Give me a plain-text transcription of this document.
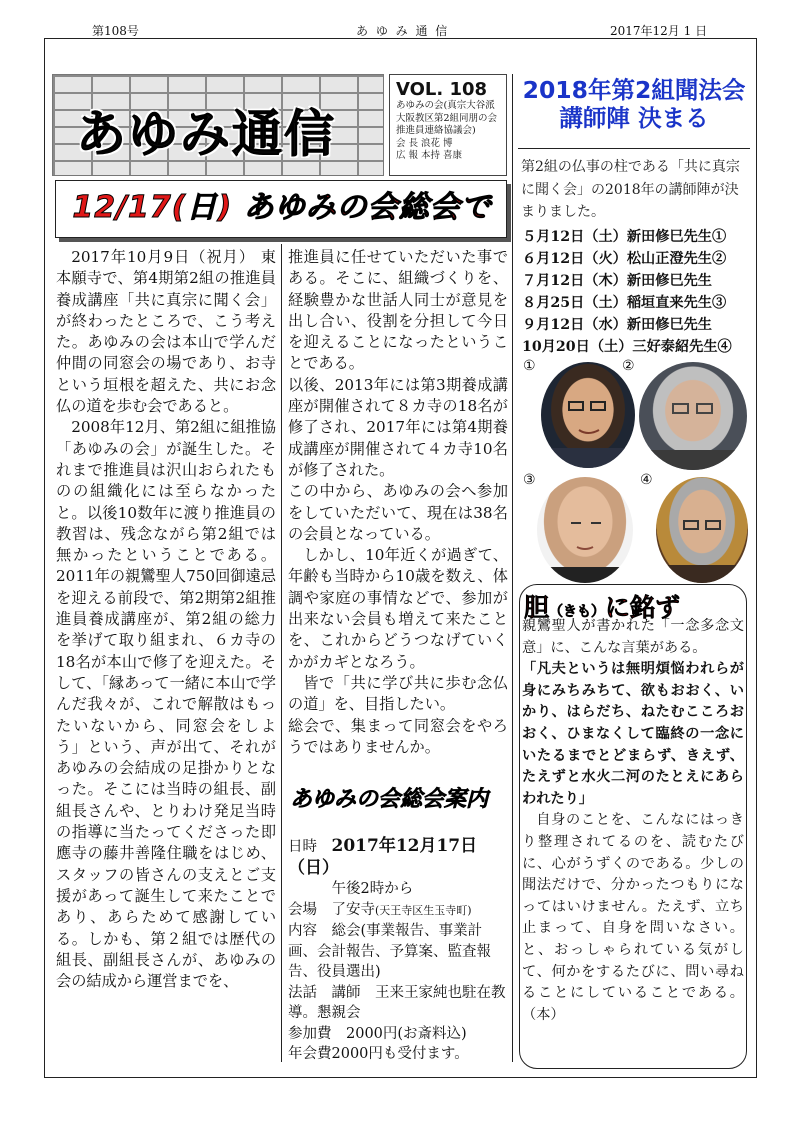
第108号	あ ゆ み 通 信	2017年12月 1 日
あゆみ通信
VOL. 108
あゆみの会(真宗大谷派大阪教区第2組同朋の会推進員連絡協議会)
会 長 浪花 博
広 報 本持 喜康
12/17(日) あゆみの会総会で

2017年10月9日（祝月） 東本願寺で、第4期第2組の推進員養成講座「共に真宗に聞く会」が終わったところで、こう考えた。あゆみの会は本山で学んだ仲間の同窓会の場であり、お寺という垣根を超えた、共にお念仏の道を歩む会であると。

2008年12月、第2組に組推協「あゆみの会」が誕生した。それまで推進員は沢山おられたものの組織化には至らなかったと。以後10数年に渡り推進員の教習は、残念ながら第2組では無かったということである。2011年の親鸞聖人750回御遠忌を迎える前段で、第2期第2組推進員養成講座が、第2組の総力を挙げて取り組まれ、６カ寺の18名が本山で修了を迎えた。そして、「縁あって一緒に本山で学んだ我々が、これで解散はもったいないから、同窓会をしよう」という、声が出て、それがあゆみの会結成の足掛かりとなった。そこには当時の組長、副組長さんや、とりわけ発足当時の指導に当たってくださった即應寺の藤井善隆住職をはじめ、スタッフの皆さんの支えとご支援があって誕生して来たことであり、あらためて感謝している。しかも、第２組では歴代の組長、副組長さんが、あゆみの会の結成から運営までを、

推進員に任せていただいた事である。そこに、組織づくりを、経験豊かな世話人同士が意見を出し合い、役割を分担して今日を迎えることになったということである。

以後、2013年には第3期養成講座が開催されて８カ寺の18名が修了され、2017年には第4期養成講座が開催されて４カ寺10名が修了された。

この中から、あゆみの会へ参加をしていただいて、現在は38名の会員となっている。

しかし、10年近くが過ぎて、年齢も当時から10歳を数え、体調や家庭の事情などで、参加が出来ない会員も増えて来たことを、これからどうつなげていくかがカギとなろう。

皆で「共に学び共に歩む念仏の道」を、目指したい。

総会で、集まって同窓会をやろうではありませんか。

あゆみの会総会案内
日時　 2017年12月17日（日）
午後2時から
会場　 了安寺(天王寺区生玉寺町)
内容　 総会(事業報告、事業計画、会計報告、予算案、監査報告、役員選出)
法話　講師　王来王家純也駐在教導。懇親会
参加費　2000円(お斎料込)
年会費2000円も受付ます。
2018年第2組聞法会講師陣 決まる
第2組の仏事の柱である「共に真宗に聞く会」の2018年の講師陣が決まりました。
５月12日（土）新田修巳先生①
６月12日（火）松山正澄先生②
７月12日（木）新田修巳先生
８月25日（土）稲垣直来先生③
９月12日（水）新田修巳先生
10月20日（土）三好泰紹先生④
①	②
③	④
胆（きも）に銘ず

親鸞聖人が書かれた「一念多念文意」に、こんな言葉がある。

「凡夫というは無明煩悩われらが身にみちみちて、欲もおおく、いかり、はらだち、ねたむこころおおく、ひまなくして臨終の一念にいたるまでとどまらず、きえず、たえずと水火二河のたとえにあらわれたり」

自身のことを、こんなにはっきり整理されてるのを、読むたびに、心がうずくのである。少しの聞法だけで、分かったつもりになってはいけません。たえず、立ち止まって、自身を問いなさい。と、おっしゃられている気がして、何かをするたびに、問い尋ねることにしていることである。（本）
